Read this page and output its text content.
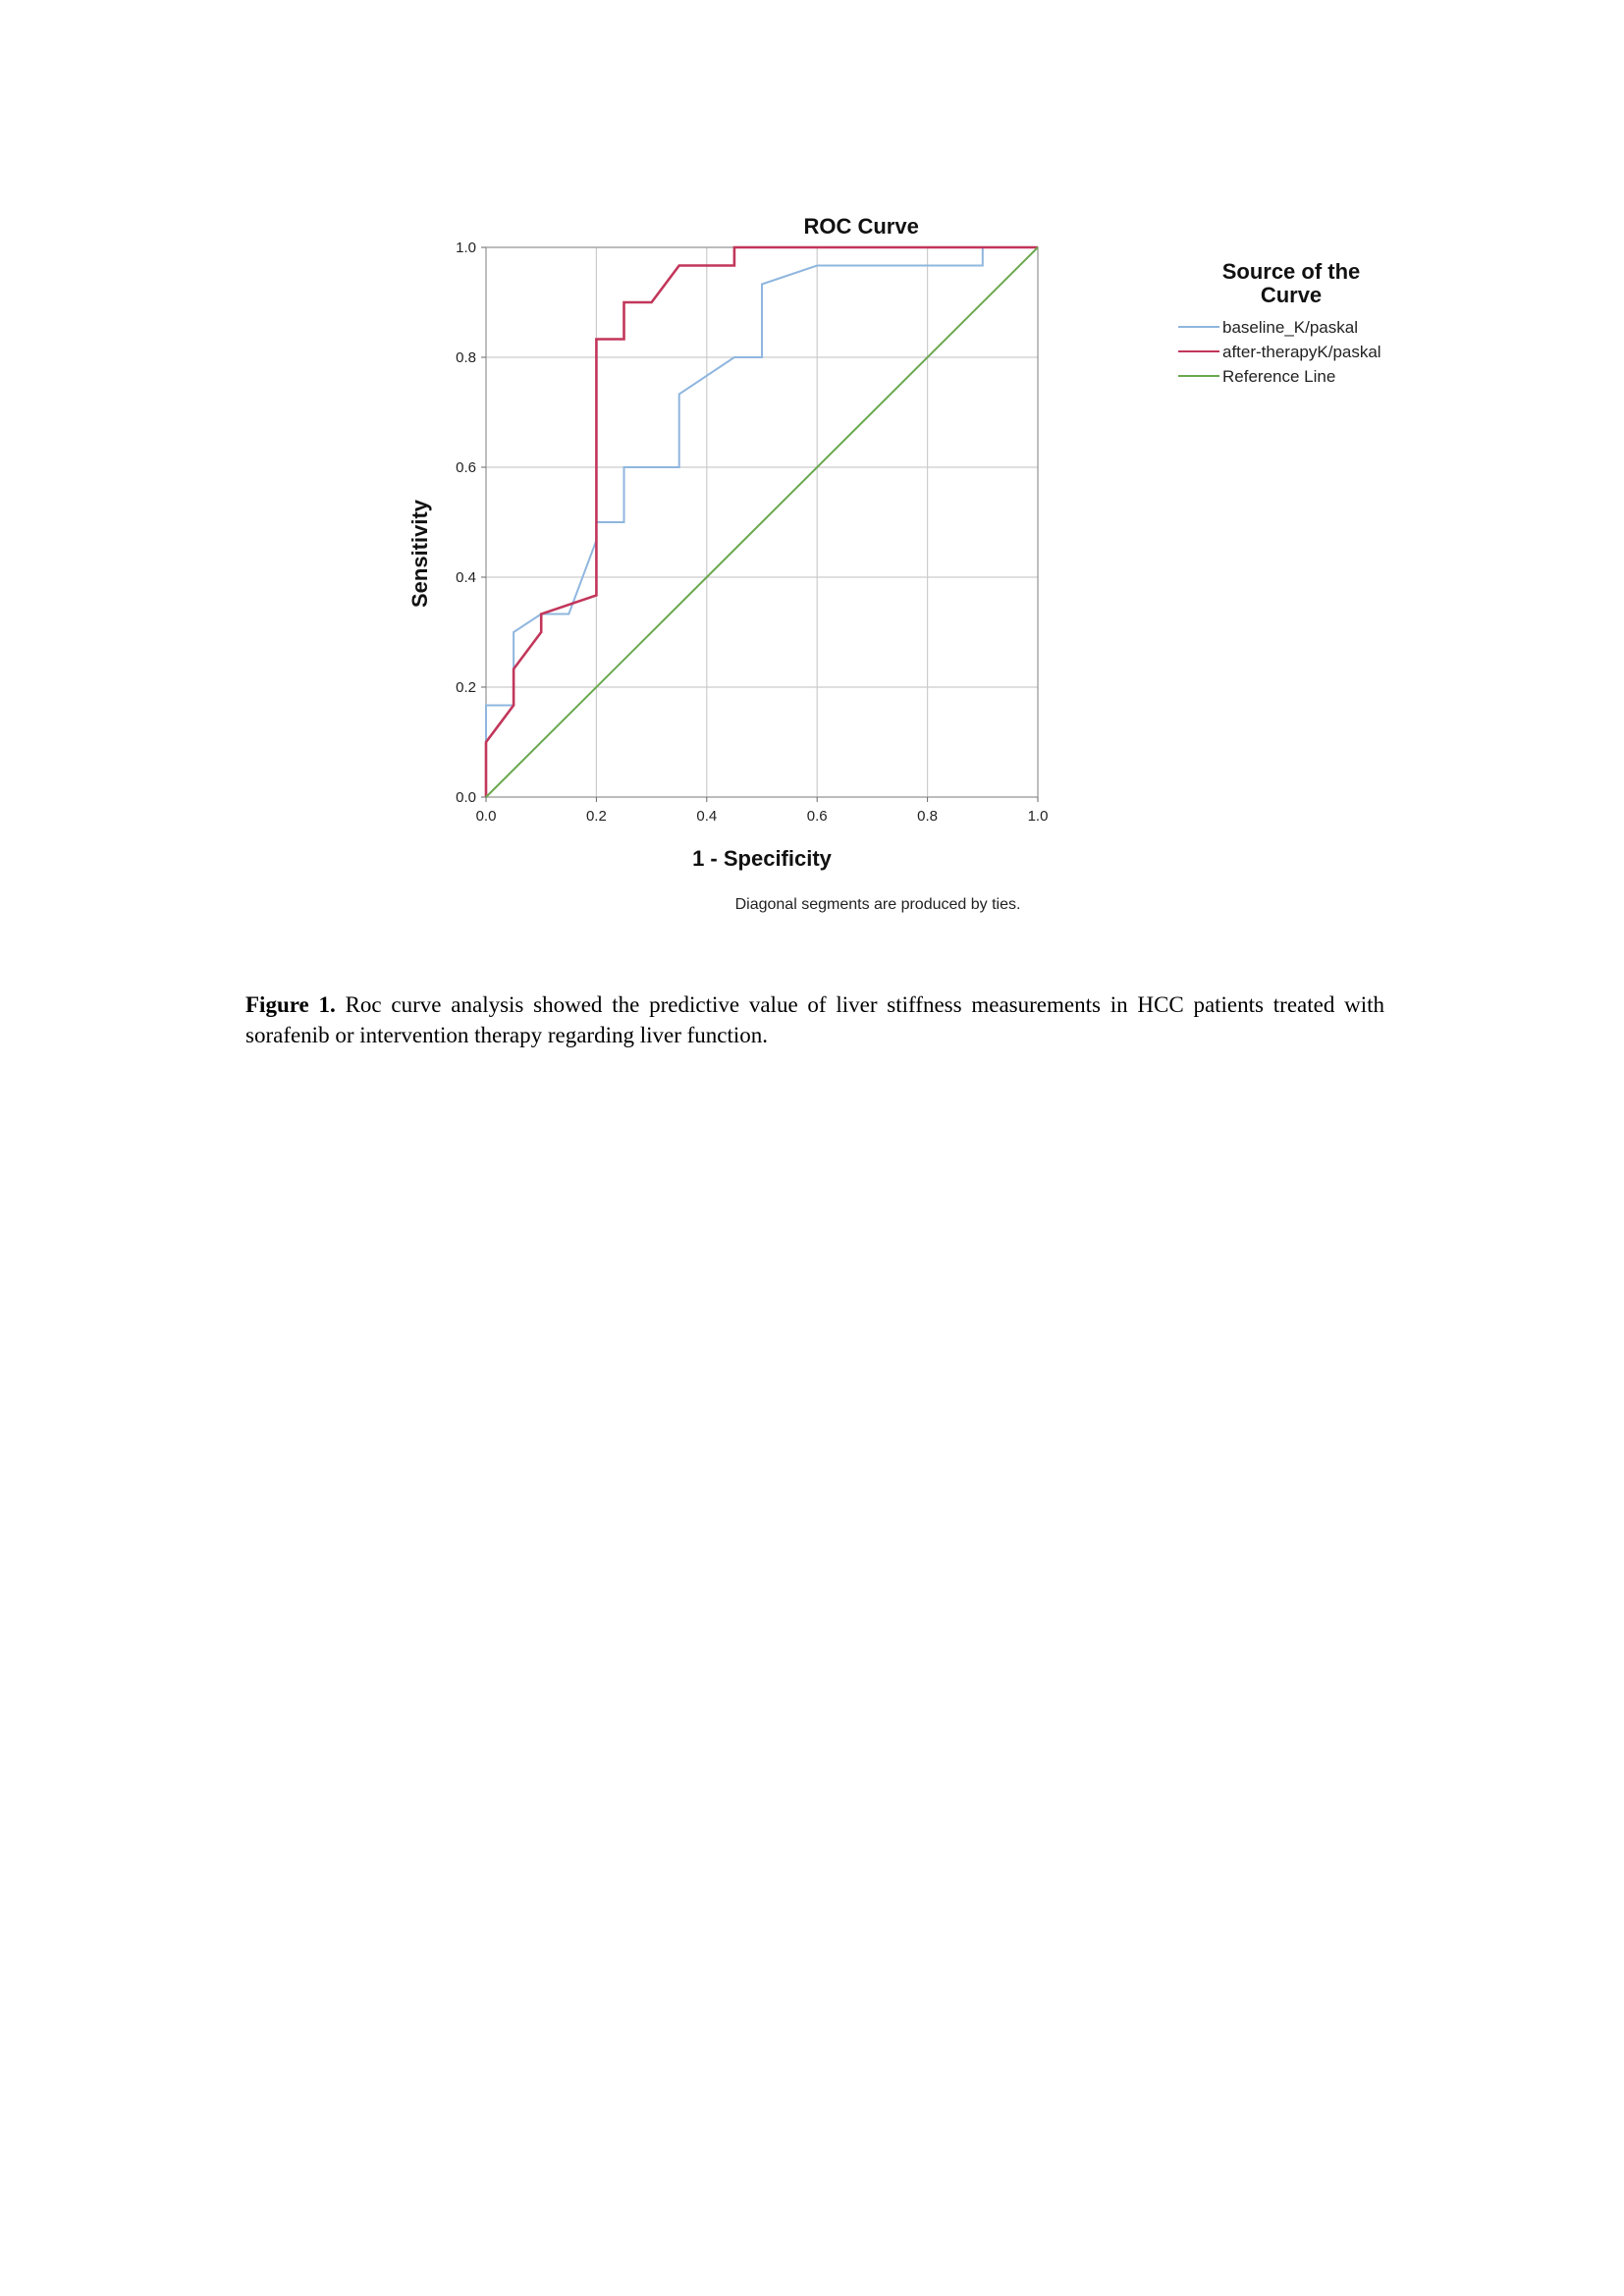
ROC Curve
0.0	0.2	0.4	0.6	0.8	1.0
0.0
0.2
0.4
0.6
0.8
1.0
1 - Specificity
Sensitivity
Diagonal segments are produced by ties.
Source of the
Curve
baseline_K/paskal
after-therapyK/paskal
Reference Line
Figure 1. Roc curve analysis showed the predictive value of liver stiffness measurements in HCC patients treated with sorafenib or intervention therapy regarding liver function.
